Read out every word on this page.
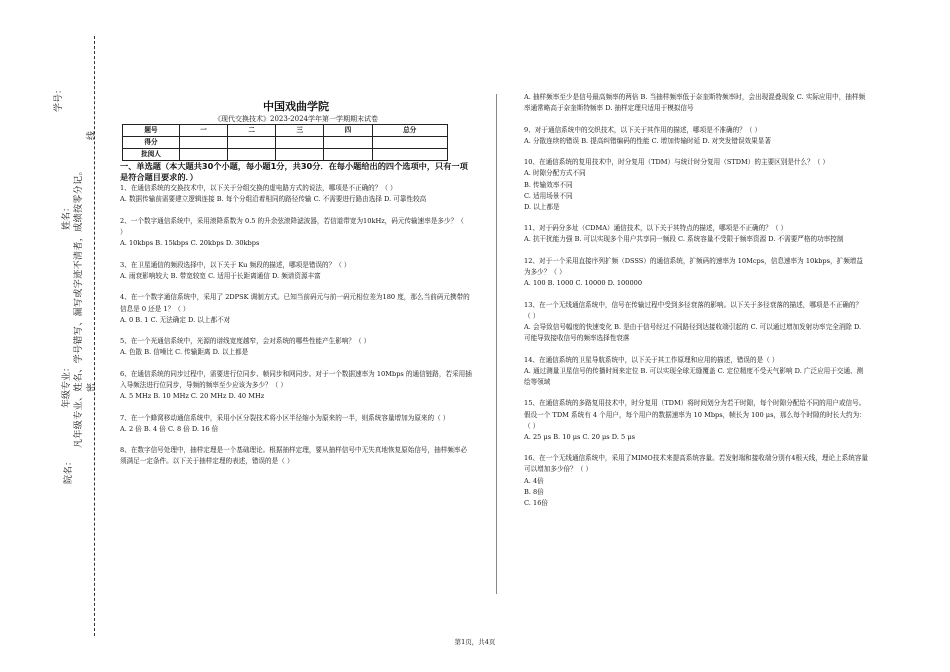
学号：
姓名：
年级专业：
院名：
凡年级专业、姓名、学号错写、漏写或字迹不清者，成绩按零分记。
线
密

中国戏曲学院

《现代交换技术》2023-2024学年第一学期期末试卷

题号	一	二	三	四	总分
得分					
批阅人					

一、单选题（本大题共30个小题，每小题1分，共30分．在每小题给出的四个选项中，只有一项是符合题目要求的．）

1、在通信系统的交换技术中，以下关于分组交换的虚电路方式的说法，哪项是不正确的？（ ）
A. 数据传输前需要建立逻辑连接 B. 每个分组沿着相同的路径传输 C. 不需要进行路由选择 D. 可靠性较高

2、一个数字通信系统中，采用滚降系数为 0.5 的升余弦滚降滤波器，若信道带宽为10kHz，码元传输速率是多少？（ ）
A. 10kbps B. 15kbps C. 20kbps D. 30kbps

3、在卫星通信的频段选择中，以下关于 Ku 频段的描述，哪项是错误的？（ ）
A. 雨衰影响较大 B. 带宽较宽 C. 适用于长距离通信 D. 频谱资源丰富

4、在一个数字通信系统中，采用了 2DPSK 调制方式。已知当前码元与前一码元相位差为180 度，那么当前码元携带的信息是 0 还是 1？（ ）
A. 0 B. 1 C. 无法确定 D. 以上都不对

5、在一个光通信系统中，光源的谱线宽度越窄，会对系统的哪些性能产生影响？（ ）
A. 色散 B. 信噪比 C. 传输距离 D. 以上都是

6、在通信系统的同步过程中，需要进行位同步、帧同步和网同步。对于一个数据速率为 10Mbps 的通信链路，若采用插入导频法进行位同步，导频的频率至少应该为多少？（ ）
A. 5 MHz B. 10 MHz C. 20 MHz D. 40 MHz

7、在一个蜂窝移动通信系统中，采用小区分裂技术将小区半径缩小为原来的一半，则系统容量增加为原来的（ ）
A. 2 倍 B. 4 倍 C. 8 倍 D. 16 倍

8、在数字信号处理中，抽样定理是一个基础理论。根据抽样定理，要从抽样信号中无失真地恢复原始信号，抽样频率必须满足一定条件。以下关于抽样定理的表述，错误的是（ ）

A. 抽样频率至少是信号最高频率的两倍 B. 当抽样频率低于奈奎斯特频率时，会出现混叠现象 C. 实际应用中，抽样频率通常略高于奈奎斯特频率 D. 抽样定理只适用于模拟信号

9、对于通信系统中的交织技术，以下关于其作用的描述，哪项是不准确的？（ ）
A. 分散连续的错误 B. 提高纠错编码的性能 C. 增加传输时延 D. 对突发错误效果显著

10、在通信系统的复用技术中，时分复用（TDM）与统计时分复用（STDM）的主要区别是什么？（ ）
A. 时隙分配方式不同
B. 传输效率不同
C. 适用场景不同
D. 以上都是

11、对于码分多址（CDMA）通信技术，以下关于其特点的描述，哪项是不正确的？（ ）
A. 抗干扰能力强 B. 可以实现多个用户共享同一频段 C. 系统容量不受限于频率资源 D. 不需要严格的功率控制

12、对于一个采用直接序列扩频（DSSS）的通信系统，扩频码的速率为 10Mcps，信息速率为 10kbps，扩频增益为多少？（ ）
A. 100 B. 1000 C. 10000 D. 100000

13、在一个无线通信系统中，信号在传输过程中受到多径衰落的影响。以下关于多径衰落的描述，哪项是不正确的？（ ）
A. 会导致信号幅度的快速变化 B. 是由于信号经过不同路径到达接收端引起的 C. 可以通过增加发射功率完全消除 D. 可能导致接收信号的频率选择性衰落

14、在通信系统的卫星导航系统中，以下关于其工作原理和应用的描述，错误的是（ ）
A. 通过测量卫星信号的传播时间来定位 B. 可以实现全球无缝覆盖 C. 定位精度不受天气影响 D. 广泛应用于交通、测绘等领域

15、在通信系统的多路复用技术中，时分复用（TDM）将时间划分为若干时隙，每个时隙分配给不同的用户或信号。假设一个 TDM 系统有 4 个用户，每个用户的数据速率为 10 Mbps，帧长为 100 μs，那么每个时隙的时长大约为：（ ）
A. 25 μs B. 10 μs C. 20 μs D. 5 μs

16、在一个无线通信系统中，采用了MIMO技术来提高系统容量。若发射端和接收端分别有4根天线，理论上系统容量可以增加多少倍？（ ）
A. 4倍
B. 8倍
C. 16倍

第1页，共4页
